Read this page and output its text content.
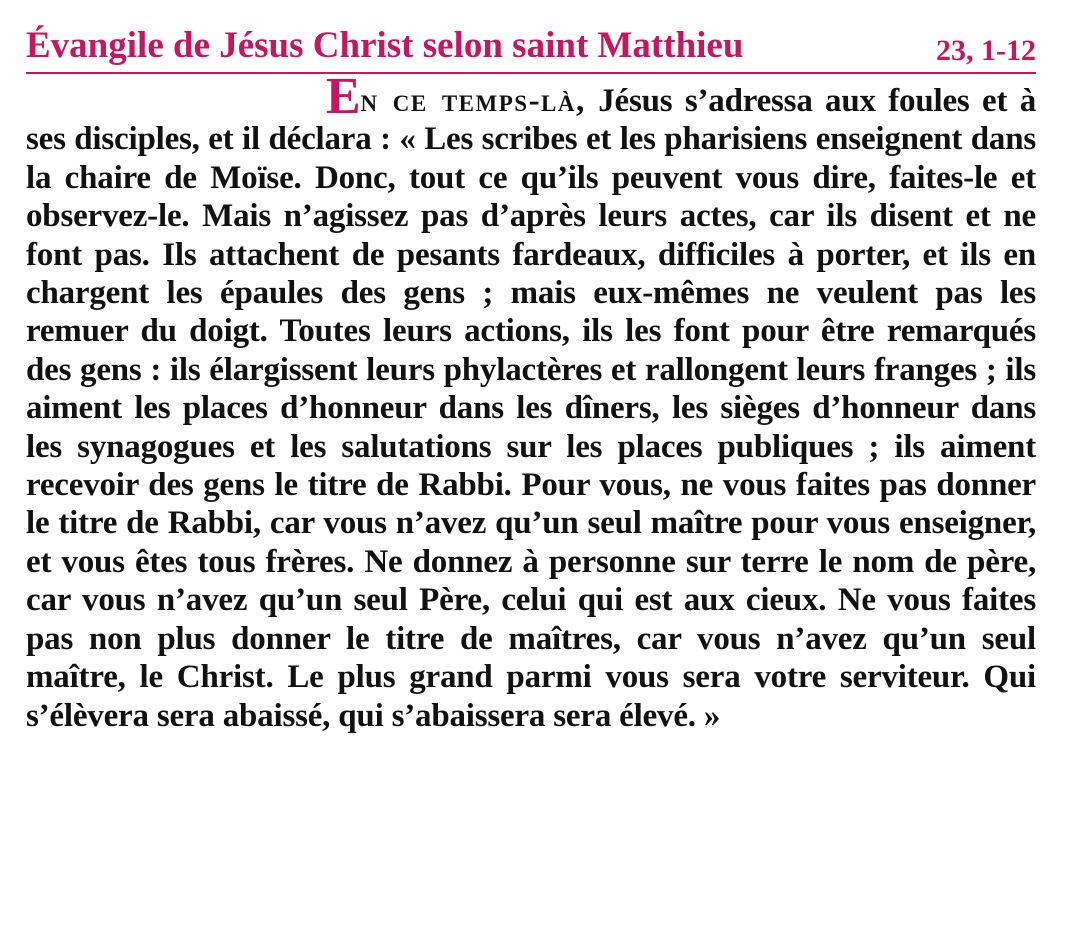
Évangile de Jésus Christ selon saint Matthieu	23, 1-12

En ce temps-là, Jésus s’adressa aux foules et à ses disciples, et il déclara : « Les scribes et les pharisiens enseignent dans la chaire de Moïse. Donc, tout ce qu’ils peuvent vous dire, faites-le et observez-le. Mais n’agissez pas d’après leurs actes, car ils disent et ne font pas. Ils attachent de pesants fardeaux, difficiles à porter, et ils en chargent les épaules des gens ; mais eux-mêmes ne veulent pas les remuer du doigt. Toutes leurs actions, ils les font pour être remarqués des gens : ils élargissent leurs phylactères et rallongent leurs franges ; ils aiment les places d’honneur dans les dîners, les sièges d’honneur dans les synagogues et les salutations sur les places publiques ; ils aiment recevoir des gens le titre de Rabbi. Pour vous, ne vous faites pas donner le titre de Rabbi, car vous n’avez qu’un seul maître pour vous enseigner, et vous êtes tous frères. Ne donnez à personne sur terre le nom de père, car vous n’avez qu’un seul Père, celui qui est aux cieux. Ne vous faites pas non plus donner le titre de maîtres, car vous n’avez qu’un seul maître, le Christ. Le plus grand parmi vous sera votre serviteur. Qui s’élèvera sera abaissé, qui s’abaissera sera élevé. »
